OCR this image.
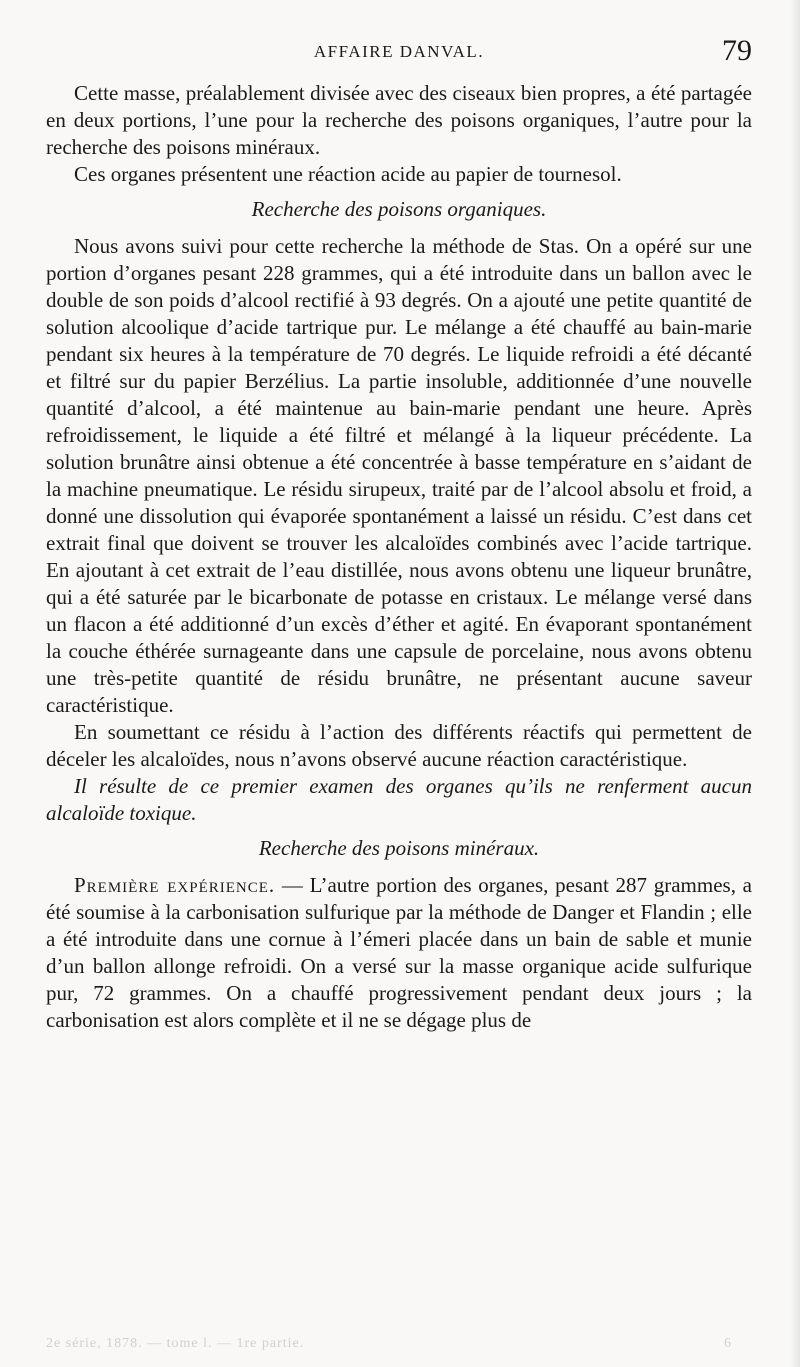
AFFAIRE DANVAL.	79

Cette masse, préalablement divisée avec des ciseaux bien propres, a été partagée en deux portions, l’une pour la recherche des poisons organiques, l’autre pour la recherche des poisons minéraux.

Ces organes présentent une réaction acide au papier de tournesol.

Recherche des poisons organiques.

Nous avons suivi pour cette recherche la méthode de Stas. On a opéré sur une portion d’organes pesant 228 grammes, qui a été introduite dans un ballon avec le double de son poids d’alcool rectifié à 93 degrés. On a ajouté une petite quantité de solution alcoolique d’acide tartrique pur. Le mélange a été chauffé au bain-marie pendant six heures à la température de 70 degrés. Le liquide refroidi a été décanté et filtré sur du papier Berzélius. La partie insoluble, additionnée d’une nouvelle quantité d’alcool, a été maintenue au bain-marie pendant une heure. Après refroidissement, le liquide a été filtré et mélangé à la liqueur précédente. La solution brunâtre ainsi obtenue a été concentrée à basse température en s’aidant de la machine pneumatique. Le résidu sirupeux, traité par de l’alcool absolu et froid, a donné une dissolution qui évaporée spontanément a laissé un résidu. C’est dans cet extrait final que doivent se trouver les alcaloïdes combinés avec l’acide tartrique. En ajoutant à cet extrait de l’eau distillée, nous avons obtenu une liqueur brunâtre, qui a été saturée par le bicarbonate de potasse en cristaux. Le mélange versé dans un flacon a été additionné d’un excès d’éther et agité. En évaporant spontanément la couche éthérée surnageante dans une capsule de porcelaine, nous avons obtenu une très-petite quantité de résidu brunâtre, ne présentant aucune saveur caractéristique.

En soumettant ce résidu à l’action des différents réactifs qui permettent de déceler les alcaloïdes, nous n’avons observé aucune réaction caractéristique.

Il résulte de ce premier examen des organes qu’ils ne renferment aucun alcaloïde toxique.

Recherche des poisons minéraux.

Première expérience. — L’autre portion des organes, pesant 287 grammes, a été soumise à la carbonisation sulfurique par la méthode de Danger et Flandin ; elle a été introduite dans une cornue à l’émeri placée dans un bain de sable et munie d’un ballon allonge refroidi. On a versé sur la masse organique acide sulfurique pur, 72 grammes. On a chauffé progressivement pendant deux jours ; la carbonisation est alors complète et il ne se dégage plus de

2e série, 1878. — tome l. — 1re partie.	6
